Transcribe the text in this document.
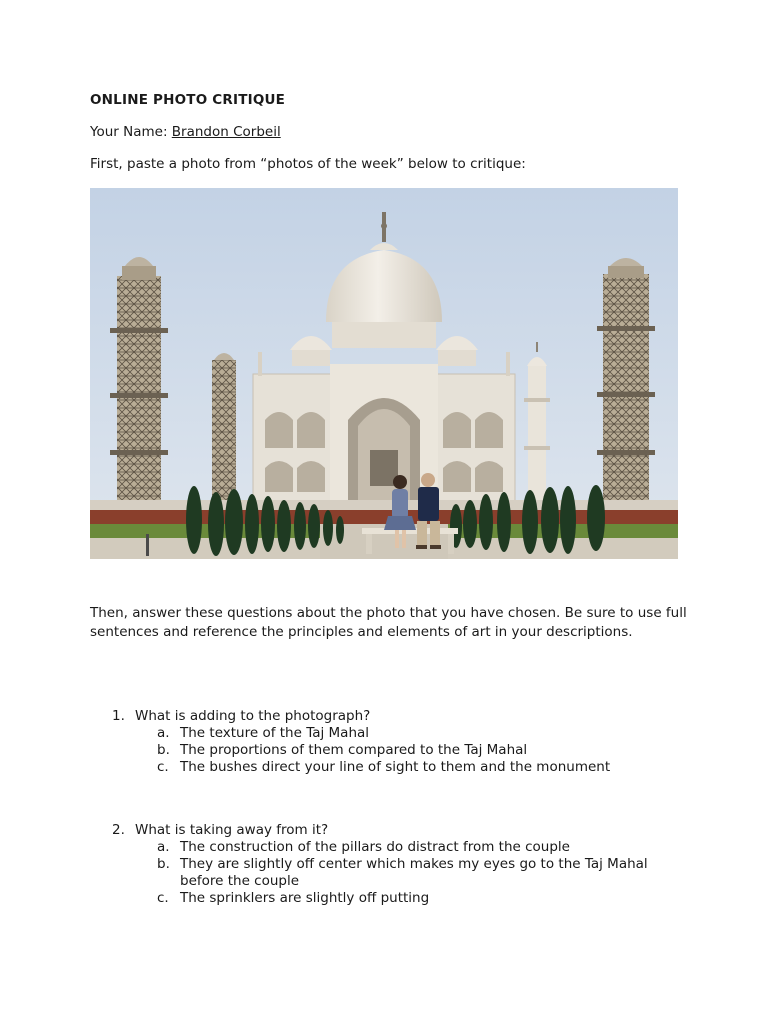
ONLINE PHOTO CRITIQUE
Your Name: Brandon Corbeil
First, paste a photo from “photos of the week” below to critique:
Then, answer these questions about the photo that you have chosen. Be sure to use full sentences and reference the principles and elements of art in your descriptions.
1. What is adding to the photograph?
a. The texture of the Taj Mahal
b. The proportions of them compared to the Taj Mahal
c. The bushes direct your line of sight to them and the monument
2. What is taking away from it?
a. The construction of the pillars do distract from the couple
b. They are slightly off center which makes my eyes go to the Taj Mahal before the couple
c. The sprinklers are slightly off putting
